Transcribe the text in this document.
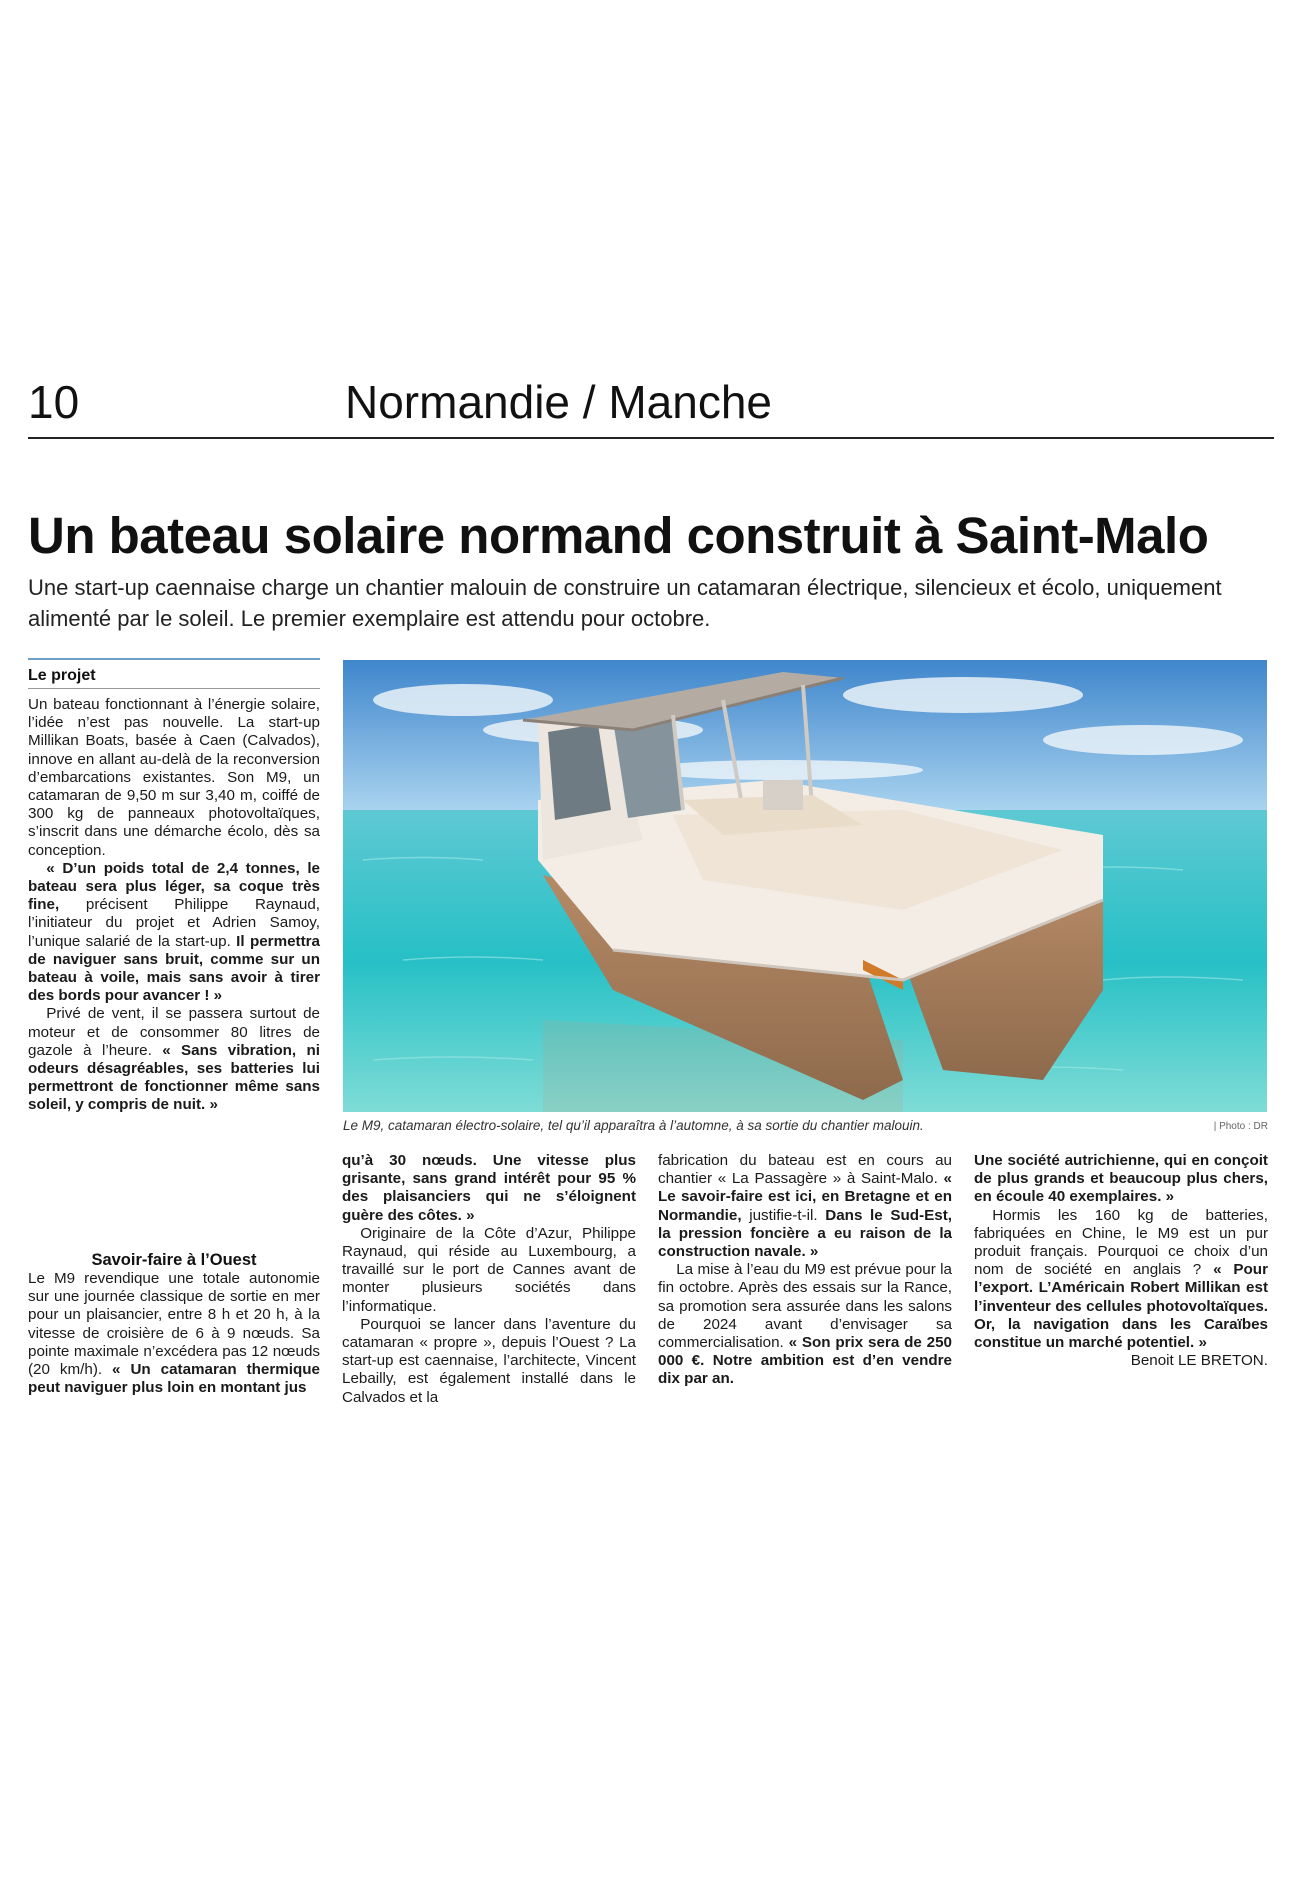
10	Normandie / Manche
Un bateau solaire normand construit à Saint-Malo

Une start-up caennaise charge un chantier malouin de construire un catamaran électrique, silencieux et écolo, uniquement alimenté par le soleil. Le premier exemplaire est attendu pour octobre.

Le projet

Un bateau fonctionnant à l’énergie solaire, l’idée n’est pas nouvelle. La start-up Millikan Boats, basée à Caen (Calvados), innove en allant au-delà de la reconversion d’embarcations existantes. Son M9, un catamaran de 9,50 m sur 3,40 m, coiffé de 300 kg de panneaux photovoltaïques, s’inscrit dans une démarche écolo, dès sa conception.

« D’un poids total de 2,4 tonnes, le bateau sera plus léger, sa coque très fine, précisent Philippe Raynaud, l’initiateur du projet et Adrien Samoy, l’unique salarié de la start-up. Il permettra de naviguer sans bruit, comme sur un bateau à voile, mais sans avoir à tirer des bords pour avancer ! »

Privé de vent, il se passera surtout de moteur et de consommer 80 litres de gazole à l’heure. « Sans vibration, ni odeurs désagréables, ses batteries lui permettront de fonctionner même sans soleil, y compris de nuit. »

Savoir-faire à l’Ouest

Le M9 revendique une totale autonomie sur une journée classique de sortie en mer pour un plaisancier, entre 8 h et 20 h, à la vitesse de croisière de 6 à 9 nœuds. Sa pointe maximale n’excédera pas 12 nœuds (20 km/h). « Un catamaran thermique peut naviguer plus loin en montant jus

Le M9, catamaran électro-solaire, tel qu’il apparaîtra à l’automne, à sa sortie du chantier malouin.	| Photo : DR

qu’à 30 nœuds. Une vitesse plus grisante, sans grand intérêt pour 95 % des plaisanciers qui ne s’éloignent guère des côtes. »

Originaire de la Côte d’Azur, Philippe Raynaud, qui réside au Luxembourg, a travaillé sur le port de Cannes avant de monter plusieurs sociétés dans l’informatique.

Pourquoi se lancer dans l’aventure du catamaran « propre », depuis l’Ouest ? La start-up est caennaise, l’architecte, Vincent Lebailly, est également installé dans le Calvados et la

fabrication du bateau est en cours au chantier « La Passagère » à Saint-Malo. « Le savoir-faire est ici, en Bretagne et en Normandie, justifie-t-il. Dans le Sud-Est, la pression foncière a eu raison de la construction navale. »

La mise à l’eau du M9 est prévue pour la fin octobre. Après des essais sur la Rance, sa promotion sera assurée dans les salons de 2024 avant d’envisager sa commercialisation. « Son prix sera de 250 000 €. Notre ambition est d’en vendre dix par an.

Une société autrichienne, qui en conçoit de plus grands et beaucoup plus chers, en écoule 40 exemplaires. »

Hormis les 160 kg de batteries, fabriquées en Chine, le M9 est un pur produit français. Pourquoi ce choix d’un nom de société en anglais ? « Pour l’export. L’Américain Robert Millikan est l’inventeur des cellules photovoltaïques. Or, la navigation dans les Caraïbes constitue un marché potentiel. »

Benoit LE BRETON.
